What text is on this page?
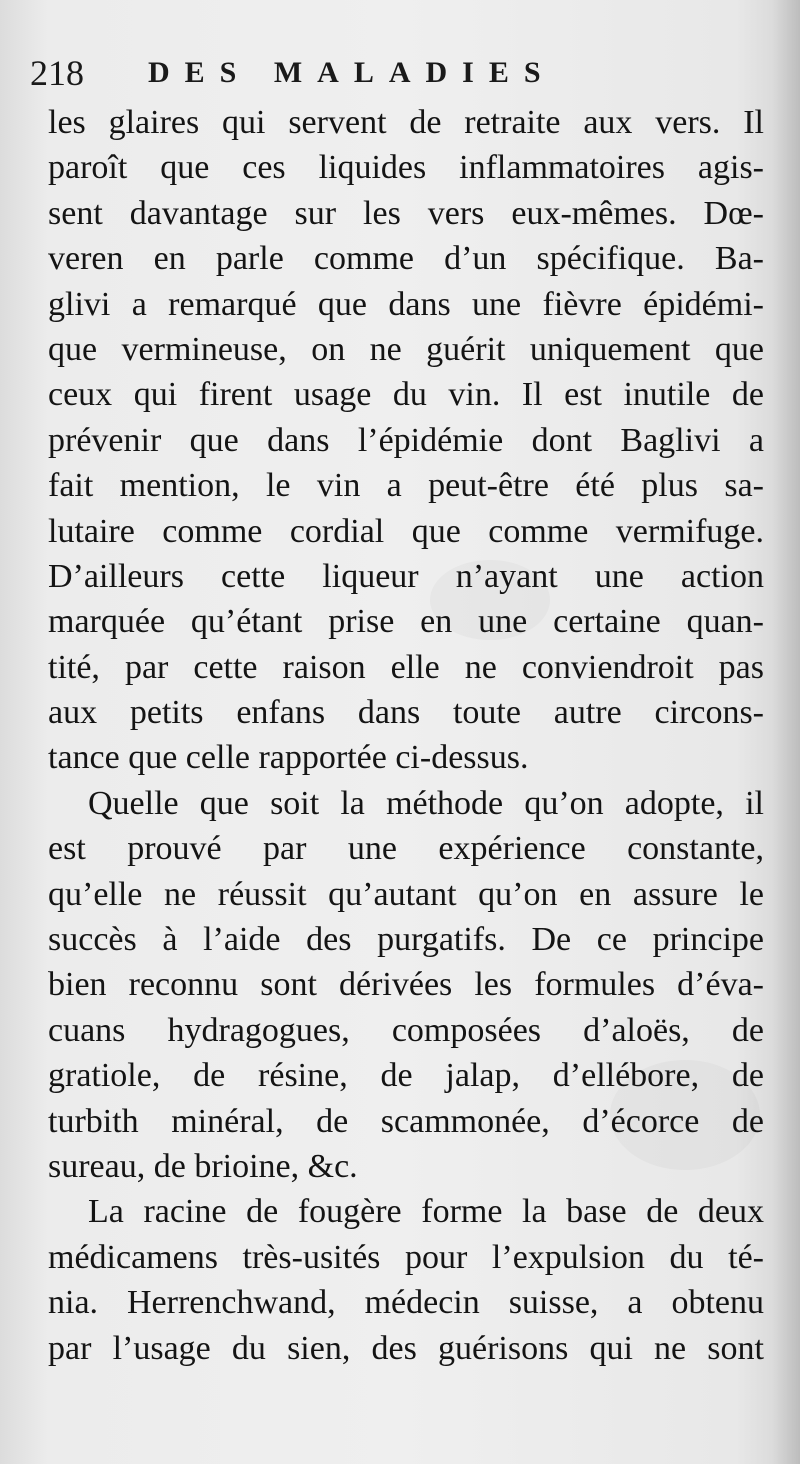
218 DES MALADIES
les glaires qui servent de retraite aux vers. Il
paroît que ces liquides inflammatoires agis-
sent davantage sur les vers eux-mêmes. Dœ-
veren en parle comme d’un spécifique. Ba-
glivi a remarqué que dans une fièvre épidémi-
que vermineuse, on ne guérit uniquement que
ceux qui firent usage du vin. Il est inutile de
prévenir que dans l’épidémie dont Baglivi a
fait mention, le vin a peut-être été plus sa-
lutaire comme cordial que comme vermifuge.
D’ailleurs cette liqueur n’ayant une action
marquée qu’étant prise en une certaine quan-
tité, par cette raison elle ne conviendroit pas
aux petits enfans dans toute autre circons-
tance que celle rapportée ci-dessus.
Quelle que soit la méthode qu’on adopte, il
est prouvé par une expérience constante,
qu’elle ne réussit qu’autant qu’on en assure le
succès à l’aide des purgatifs. De ce principe
bien reconnu sont dérivées les formules d’éva-
cuans hydragogues, composées d’aloës, de
gratiole, de résine, de jalap, d’ellébore, de
turbith minéral, de scammonée, d’écorce de
sureau, de brioine, &c.
La racine de fougère forme la base de deux
médicamens très-usités pour l’expulsion du té-
nia. Herrenchwand, médecin suisse, a obtenu
par l’usage du sien, des guérisons qui ne sont
